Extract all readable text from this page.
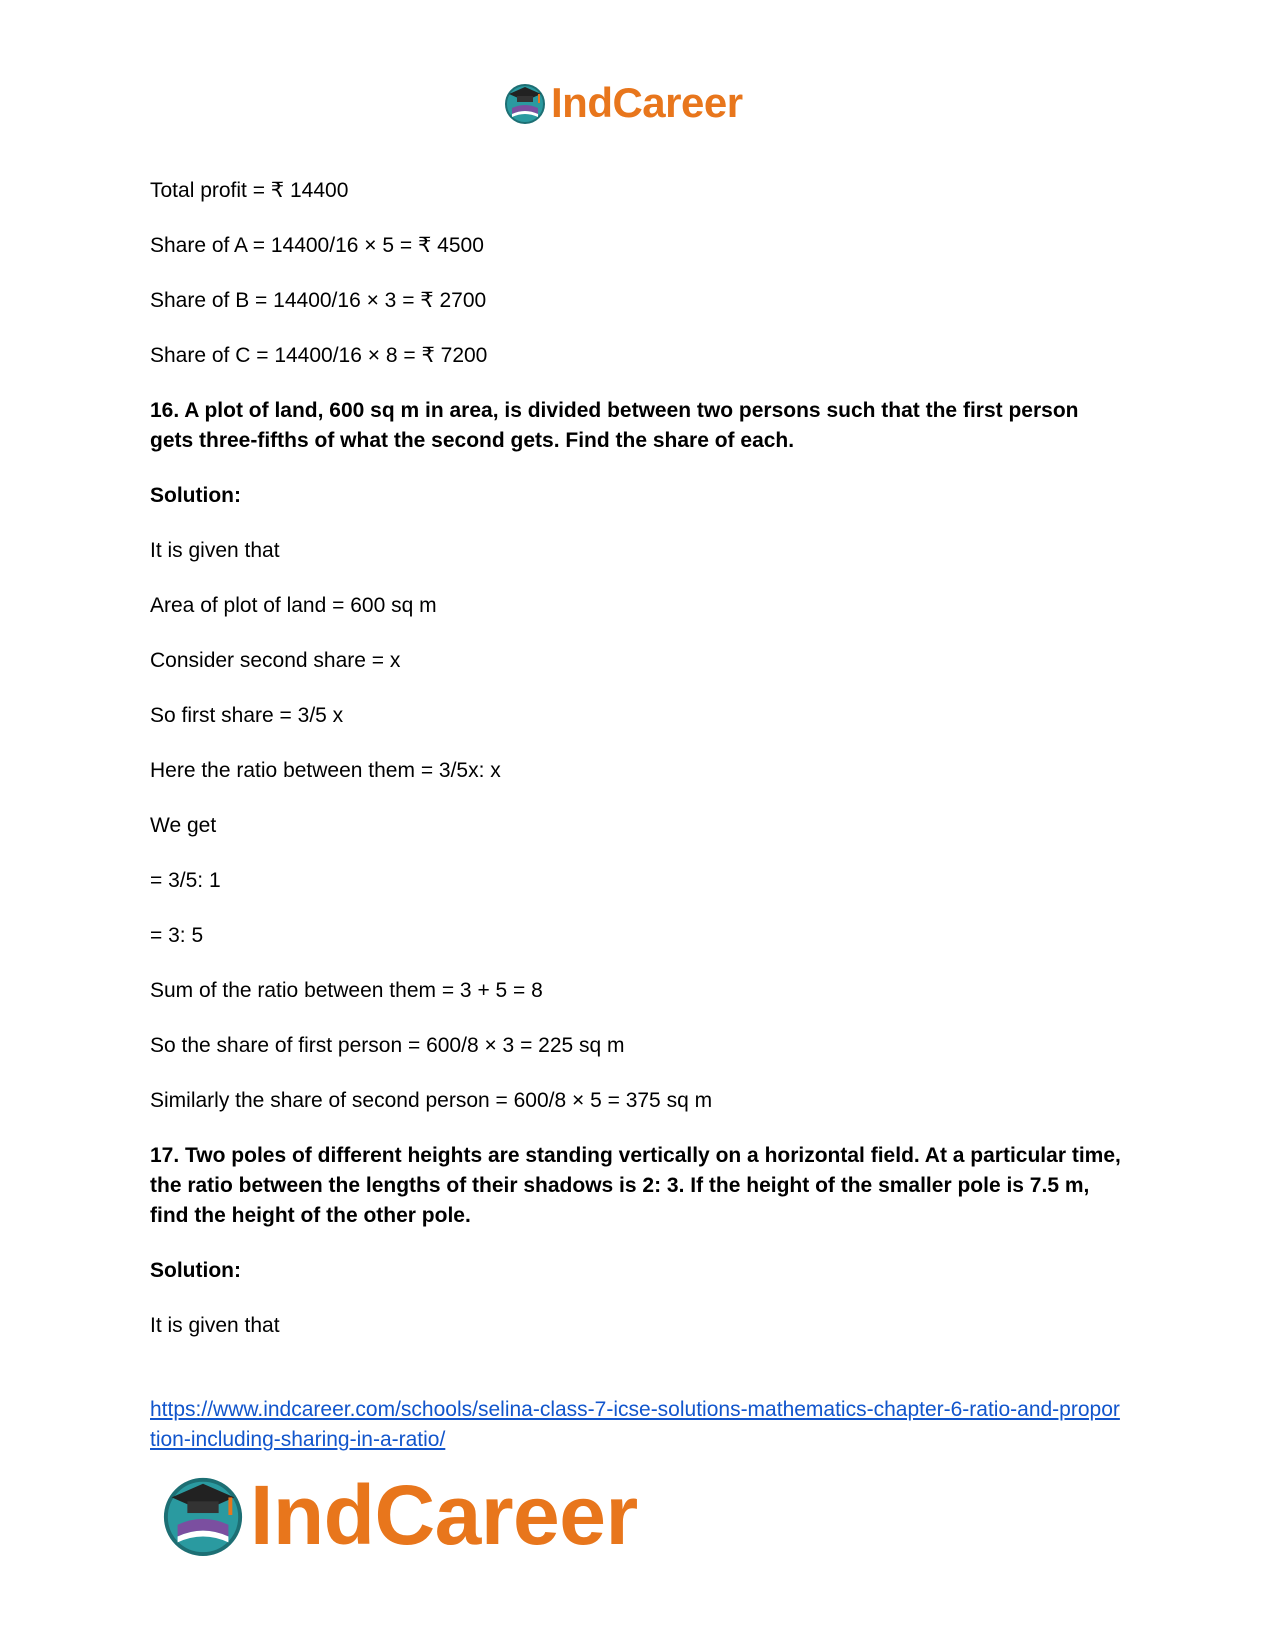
IndCareer

Total profit = ₹ 14400

Share of A = 14400/16 × 5 = ₹ 4500

Share of B = 14400/16 × 3 = ₹ 2700

Share of C = 14400/16 × 8 = ₹ 7200

16. A plot of land, 600 sq m in area, is divided between two persons such that the first person gets three-fifths of what the second gets. Find the share of each.

Solution:

It is given that

Area of plot of land = 600 sq m

Consider second share = x

So first share = 3/5 x

Here the ratio between them = 3/5x: x

We get

= 3/5: 1

= 3: 5

Sum of the ratio between them = 3 + 5 = 8

So the share of first person = 600/8 × 3 = 225 sq m

Similarly the share of second person = 600/8 × 5 = 375 sq m

17. Two poles of different heights are standing vertically on a horizontal field. At a particular time, the ratio between the lengths of their shadows is 2: 3. If the height of the smaller pole is 7.5 m, find the height of the other pole.

Solution:

It is given that

https://www.indcareer.com/schools/selina-class-7-icse-solutions-mathematics-chapter-6-ratio-and-proportion-including-sharing-in-a-ratio/
IndCareer
